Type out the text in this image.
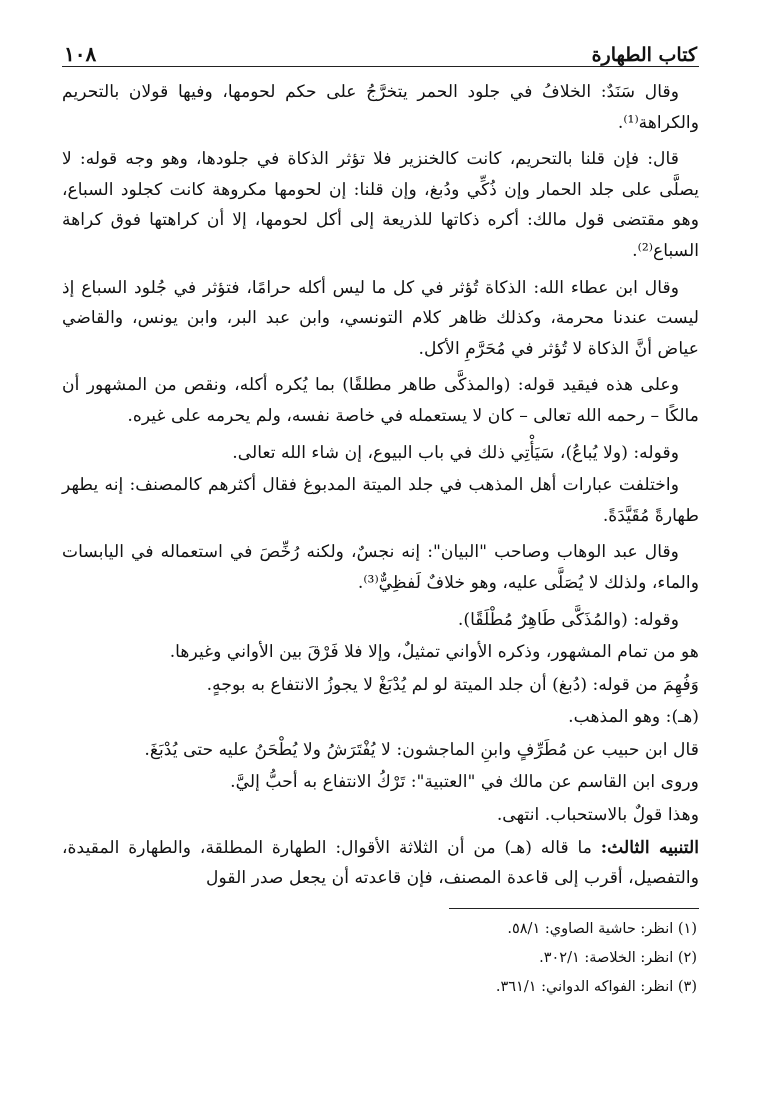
كتاب الطهارة
١٠٨

وقال سَنَدٌ: الخلافُ في جلود الحمر يتخرَّجُ على حكم لحومها، وفيها قولان بالتحريم والكراهة⁽¹⁾.

قال: فإن قلنا بالتحريم، كانت كالخنزير فلا تؤثر الذكاة في جلودها، وهو وجه قوله: لا يصلَّى على جلد الحمار وإن ذُكِّي ودُبغ، وإن قلنا: إن لحومها مكروهة كانت كجلود السباع، وهو مقتضى قول مالك: أكره ذكاتها للذريعة إلى أكل لحومها، إلا أن كراهتها فوق كراهة السباع⁽²⁾.

وقال ابن عطاء الله: الذكاة تُؤثر في كل ما ليس أكله حرامًا، فتؤثر في جُلود السباع إذ ليست عندنا محرمة، وكذلك ظاهر كلام التونسي، وابن عبد البر، وابن يونس، والقاضي عياض أنَّ الذكاة لا تُؤثر في مُحَرَّمِ الأكل.

وعلى هذه فيقيد قوله: (والمذكَّى طاهر مطلقًا) بما يُكره أكله، ونقص من المشهور أن مالكًا – رحمه الله تعالى – كان لا يستعمله في خاصة نفسه، ولم يحرمه على غيره.

وقوله: (ولا يُباعُ)، سَيَأْتِي ذلك في باب البيوع، إن شاء الله تعالى.

واختلفت عبارات أهل المذهب في جلد الميتة المدبوغ فقال أكثرهم كالمصنف: إنه يطهر طهارةً مُقَيَّدَةً.

وقال عبد الوهاب وصاحب "البيان": إنه نجسٌ، ولكنه رُخِّصَ في استعماله في اليابسات والماء، ولذلك لا يُصَلَّى عليه، وهو خلافٌ لَفظِيٌّ⁽³⁾.

وقوله: (والمُذَكَّى طَاهِرٌ مُطْلَقًا).

هو من تمام المشهور، وذكره الأواني تمثيلٌ، وإلا فلا فَرْقَ بين الأواني وغيرها.

وَفُهِمَ من قوله: (دُبغ) أن جلد الميتة لو لم يُدْبَغْ لا يجوزُ الانتفاع به بوجهٍ.

(هـ): وهو المذهب.

قال ابن حبيب عن مُطَرِّفٍ وابنِ الماجشون: لا يُفْتَرَشُ ولا يُطْحَنُ عليه حتى يُدْبَغَ.

وروى ابن القاسم عن مالك في "العتبية": تَرْكُ الانتفاع به أحبُّ إليَّ.

وهذا قولٌ بالاستحباب. انتهى.

التنبيه الثالث: ما قاله (هـ) من أن الثلاثة الأقوال: الطهارة المطلقة، والطهارة المقيدة، والتفصيل، أقرب إلى قاعدة المصنف، فإن قاعدته أن يجعل صدر القول

(١) انظر: حاشية الصاوي: ٥٨/١.

(٢) انظر: الخلاصة: ٣٠٢/١.

(٣) انظر: الفواكه الدواني: ٣٦١/١.
